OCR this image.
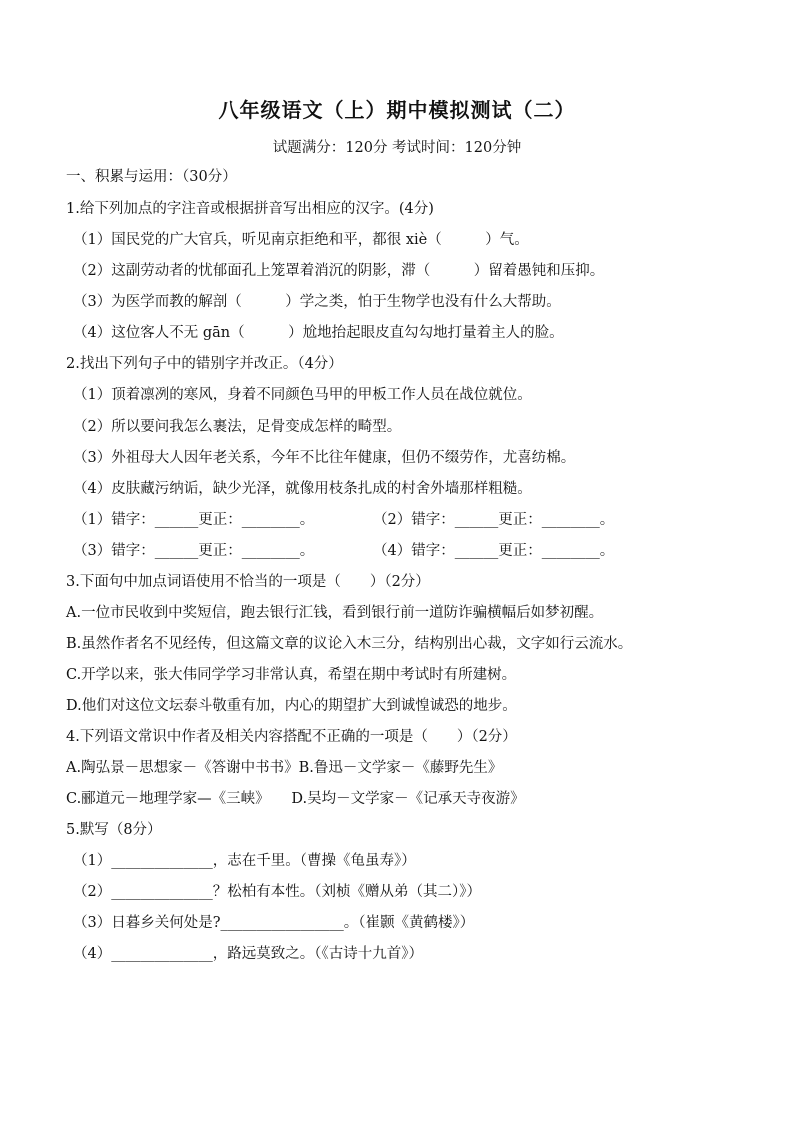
八年级语文（上）期中模拟测试（二）
试题满分：120分 考试时间：120分钟
一、积累与运用：（30分）
1.给下列加点的字注音或根据拼音写出相应的汉字。(4分)
（1）国民党的广大官兵，听见南京拒绝和平，都很 xiè（　　　）气。
（2）这副劳动者的忧郁面孔上笼罩着消沉的阴影，滞（　　　）留着愚钝和压抑。
（3）为医学而教的解剖（　　　）学之类，怕于生物学也没有什么大帮助。
（4）这位客人不无 gān（　　　）尬地抬起眼皮直勾勾地打量着主人的脸。
2.找出下列句子中的错别字并改正。（4分）
（1）顶着凛冽的寒风，身着不同颜色马甲的甲板工作人员在战位就位。
（2）所以要问我怎么裹法，足骨变成怎样的畸型。
（3）外祖母大人因年老关系，今年不比往年健康，但仍不缀劳作，尤喜纺棉。
（4）皮肤藏污纳诟，缺少光泽，就像用枝条扎成的村舍外墙那样粗糙。
（1）错字：______更正：________。	（2）错字：______更正：________。
（3）错字：______更正：________。	（4）错字：______更正：________。
3.下面句中加点词语使用不恰当的一项是（　　）（2分）
A.一位市民收到中奖短信，跑去银行汇钱，看到银行前一道防诈骗横幅后如梦初醒。
B.虽然作者名不见经传，但这篇文章的议论入木三分，结构别出心裁，文字如行云流水。
C.开学以来，张大伟同学学习非常认真，希望在期中考试时有所建树。
D.他们对这位文坛泰斗敬重有加，内心的期望扩大到诚惶诚恐的地步。
4.下列语文常识中作者及相关内容搭配不正确的一项是（　　）（2分）
A.陶弘景－思想家－《答谢中书书》B.鲁迅－文学家－《藤野先生》
C.郦道元－地理学家—《三峡》　　D.吴均－文学家－《记承天寺夜游》
5.默写（8分）
（1）______________，志在千里。（曹操《龟虽寿》）
（2）______________？松柏有本性。（刘桢《赠从弟（其二）》）
（3）日暮乡关何处是?_________________。（崔颢《黄鹤楼》）
（4）______________，路远莫致之。（《古诗十九首》）
